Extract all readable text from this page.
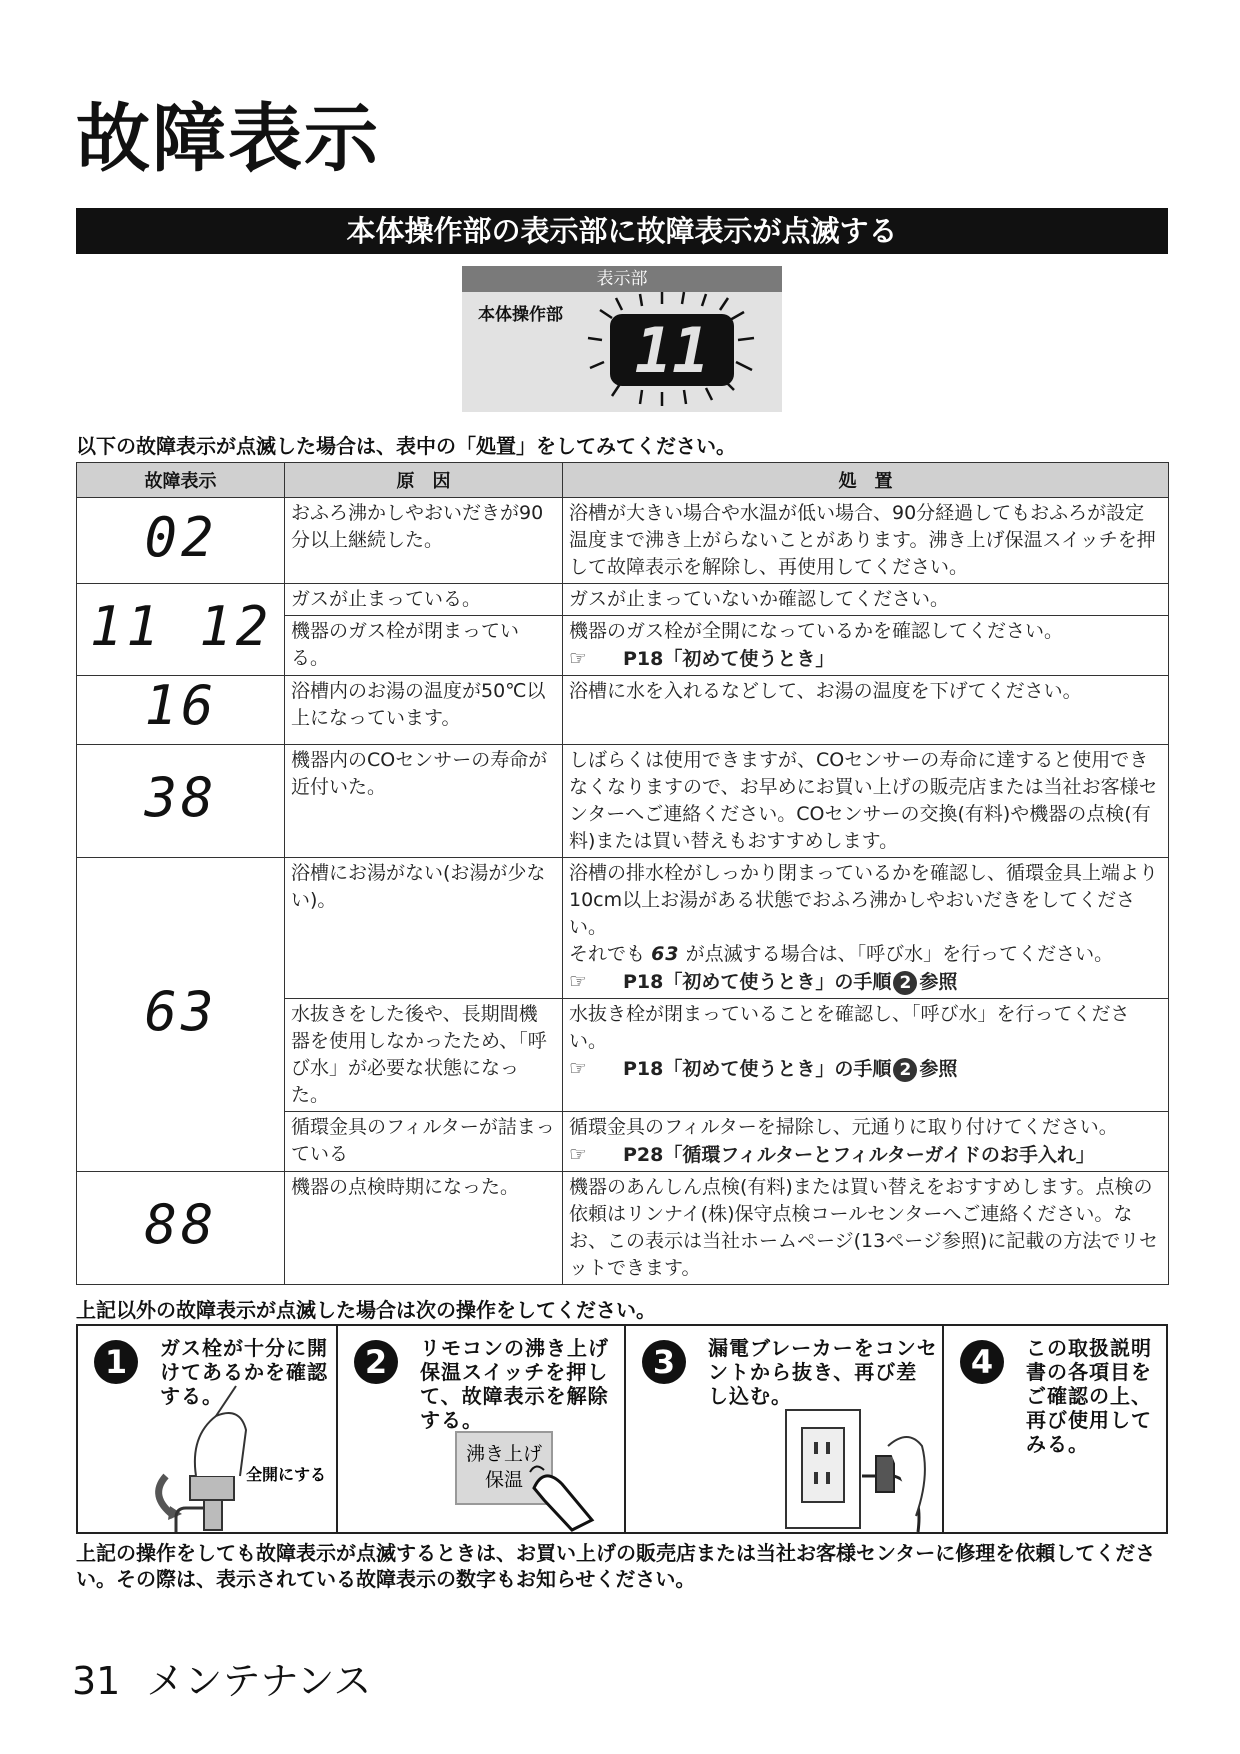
故障表示
本体操作部の表示部に故障表示が点滅する
表示部
本体操作部 11
以下の故障表示が点滅した場合は、表中の「処置」をしてみてください。
故障表示	原　因	処　置

02	おふろ沸かしやおいだきが90分以上継続した。	浴槽が大きい場合や水温が低い場合、90分経過してもおふろが設定温度まで沸き上がらないことがあります。沸き上げ保温スイッチを押して故障表示を解除し、再使用してください。

11 12	ガスが止まっている。	ガスが止まっていないか確認してください。
	機器のガス栓が閉まっている。	機器のガス栓が全開になっているかを確認してください。
☞ P18「初めて使うとき」

16	浴槽内のお湯の温度が50℃以上になっています。	浴槽に水を入れるなどして、お湯の温度を下げてください。

38	機器内のCOセンサーの寿命が近付いた。	しばらくは使用できますが、COセンサーの寿命に達すると使用できなくなりますので、お早めにお買い上げの販売店または当社お客様センターへご連絡ください。COセンサーの交換(有料)や機器の点検(有料)または買い替えもおすすめします。

63	浴槽にお湯がない(お湯が少ない)。	浴槽の排水栓がしっかり閉まっているかを確認し、循環金具上端より10cm以上お湯がある状態でおふろ沸かしやおいだきをしてください。
それでも 63 が点滅する場合は、「呼び水」を行ってください。
☞ P18「初めて使うとき」の手順 2 参照

	水抜きをした後や、長期間機器を使用しなかったため、「呼び水」が必要な状態になった。	水抜き栓が閉まっていることを確認し、「呼び水」を行ってください。
☞ P18「初めて使うとき」の手順 2 参照

	循環金具のフィルターが詰まっている	循環金具のフィルターを掃除し、元通りに取り付けてください。
☞ P28「循環フィルターとフィルターガイドのお手入れ」

88	機器の点検時期になった。	機器のあんしん点検(有料)または買い替えをおすすめします。点検の依頼はリンナイ(株)保守点検コールセンターへご連絡ください。なお、この表示は当社ホームページ(13ページ参照)に記載の方法でリセットできます。
上記以外の故障表示が点滅した場合は次の操作をしてください。
1	ガス栓が十分に開けてあるかを確認する。
全開にする
2	リモコンの沸き上げ保温スイッチを押して、故障表示を解除する。
沸き上げ
保温
3	漏電ブレーカーをコンセントから抜き、再び差し込む。
4	この取扱説明書の各項目をご確認の上、再び使用してみる。
上記の操作をしても故障表示が点滅するときは、お買い上げの販売店または当社お客様センターに修理を依頼してください。その際は、表示されている故障表示の数字もお知らせください。
31 メンテナンス
